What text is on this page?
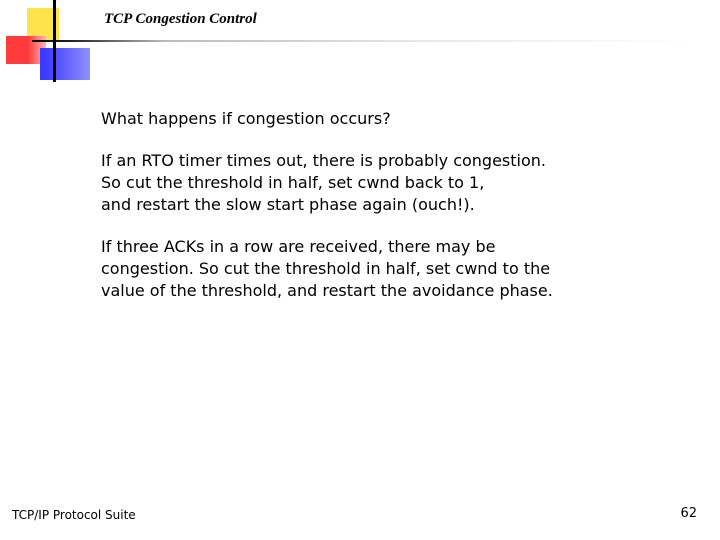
TCP Congestion Control

What happens if congestion occurs?

If an RTO timer times out, there is probably congestion.
So cut the threshold in half, set cwnd back to 1,
and restart the slow start phase again (ouch!).

If three ACKs in a row are received, there may be
congestion. So cut the threshold in half, set cwnd to the
value of the threshold, and restart the avoidance phase.

TCP/IP Protocol Suite	62
